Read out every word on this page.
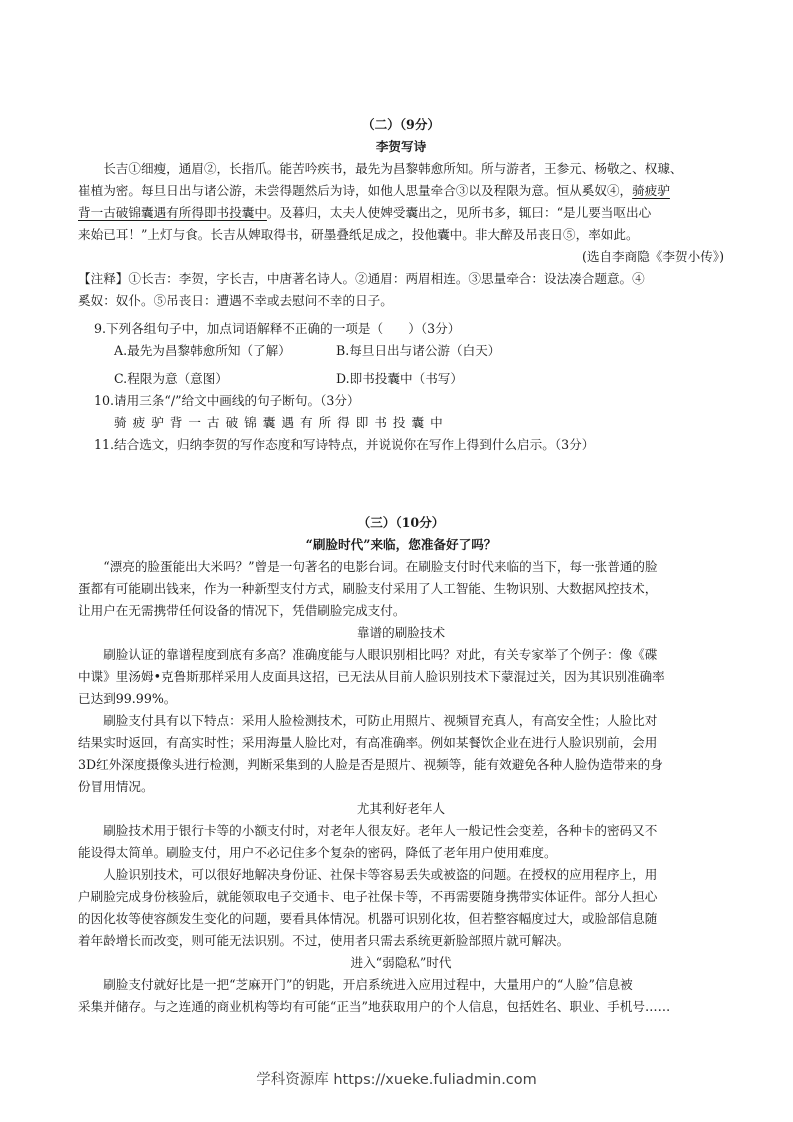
（二）（9分）

李贺写诗

长吉①细瘦，通眉②，长指爪。能苦吟疾书，最先为昌黎韩愈所知。所与游者，王参元、杨敬之、权璩、

崔植为密。每旦日出与诸公游，未尝得题然后为诗，如他人思量牵合③以及程限为意。恒从奚奴④，

骑疲驴

背一古破锦囊遇有所得即书投囊中。及暮归，太夫人使婢受囊出之，见所书多，辄曰：“是儿要当呕出心

来始已耳！”上灯与食。长吉从婢取得书，研墨叠纸足成之，投他囊中。非大醉及吊丧日⑤，率如此。

(选自李商隐《李贺小传》)

【注释】①长吉：李贺，字长吉，中唐著名诗人。②通眉：两眉相连。③思量牵合：设法凑合题意。④

奚奴：奴仆。⑤吊丧日：遭遇不幸或去慰问不幸的日子。

9.下列各组句子中，加点词语解释不正确的一项是（　　）（3分）

A.最先为昌黎韩愈所知（了解）	B.每旦日出与诸公游（白天）
C.程限为意（意图）	D.即书投囊中（书写）

10.请用三条“/”给文中画线的句子断句。（3分）

骑疲驴背一古破锦囊遇有所得即书投囊中

11.结合选文，归纳李贺的写作态度和写诗特点，并说说你在写作上得到什么启示。（3分）

（三）（10分）

“刷脸时代”来临，您准备好了吗？

“漂亮的脸蛋能出大米吗？”曾是一句著名的电影台词。在刷脸支付时代来临的当下，每一张普通的脸

蛋都有可能刷出钱来，作为一种新型支付方式，刷脸支付采用了人工智能、生物识别、大数据风控技术，

让用户在无需携带任何设备的情况下，凭借刷脸完成支付。

靠谱的刷脸技术

刷脸认证的靠谱程度到底有多高？准确度能与人眼识别相比吗？对此，有关专家举了个例子：像《碟

中谍》里汤姆•克鲁斯那样采用人皮面具这招，已无法从目前人脸识别技术下蒙混过关，因为其识别准确率

已达到99.99%。

刷脸支付具有以下特点：采用人脸检测技术，可防止用照片、视频冒充真人，有高安全性；人脸比对

结果实时返回，有高实时性；采用海量人脸比对，有高准确率。例如某餐饮企业在进行人脸识别前，会用

3D红外深度摄像头进行检测，判断采集到的人脸是否是照片、视频等，能有效避免各种人脸伪造带来的身

份冒用情况。

尤其利好老年人

刷脸技术用于银行卡等的小额支付时，对老年人很友好。老年人一般记性会变差，各种卡的密码又不

能设得太简单。刷脸支付，用户不必记住多个复杂的密码，降低了老年用户使用难度。

人脸识别技术，可以很好地解决身份证、社保卡等容易丢失或被盗的问题。在授权的应用程序上，用

户刷脸完成身份核验后，就能领取电子交通卡、电子社保卡等，不再需要随身携带实体证件。部分人担心

的因化妆等使容颜发生变化的问题，要看具体情况。机器可识别化妆，但若整容幅度过大，或脸部信息随

着年龄增长而改变，则可能无法识别。不过，使用者只需去系统更新脸部照片就可解决。

进入“弱隐私”时代

刷脸支付就好比是一把“芝麻开门”的钥匙，开启系统进入应用过程中，大量用户的“人脸”信息被

采集并储存。与之连通的商业机构等均有可能“正当”地获取用户的个人信息，包括姓名、职业、手机号……

学科资源库 https://xueke.fuliadmin.com
